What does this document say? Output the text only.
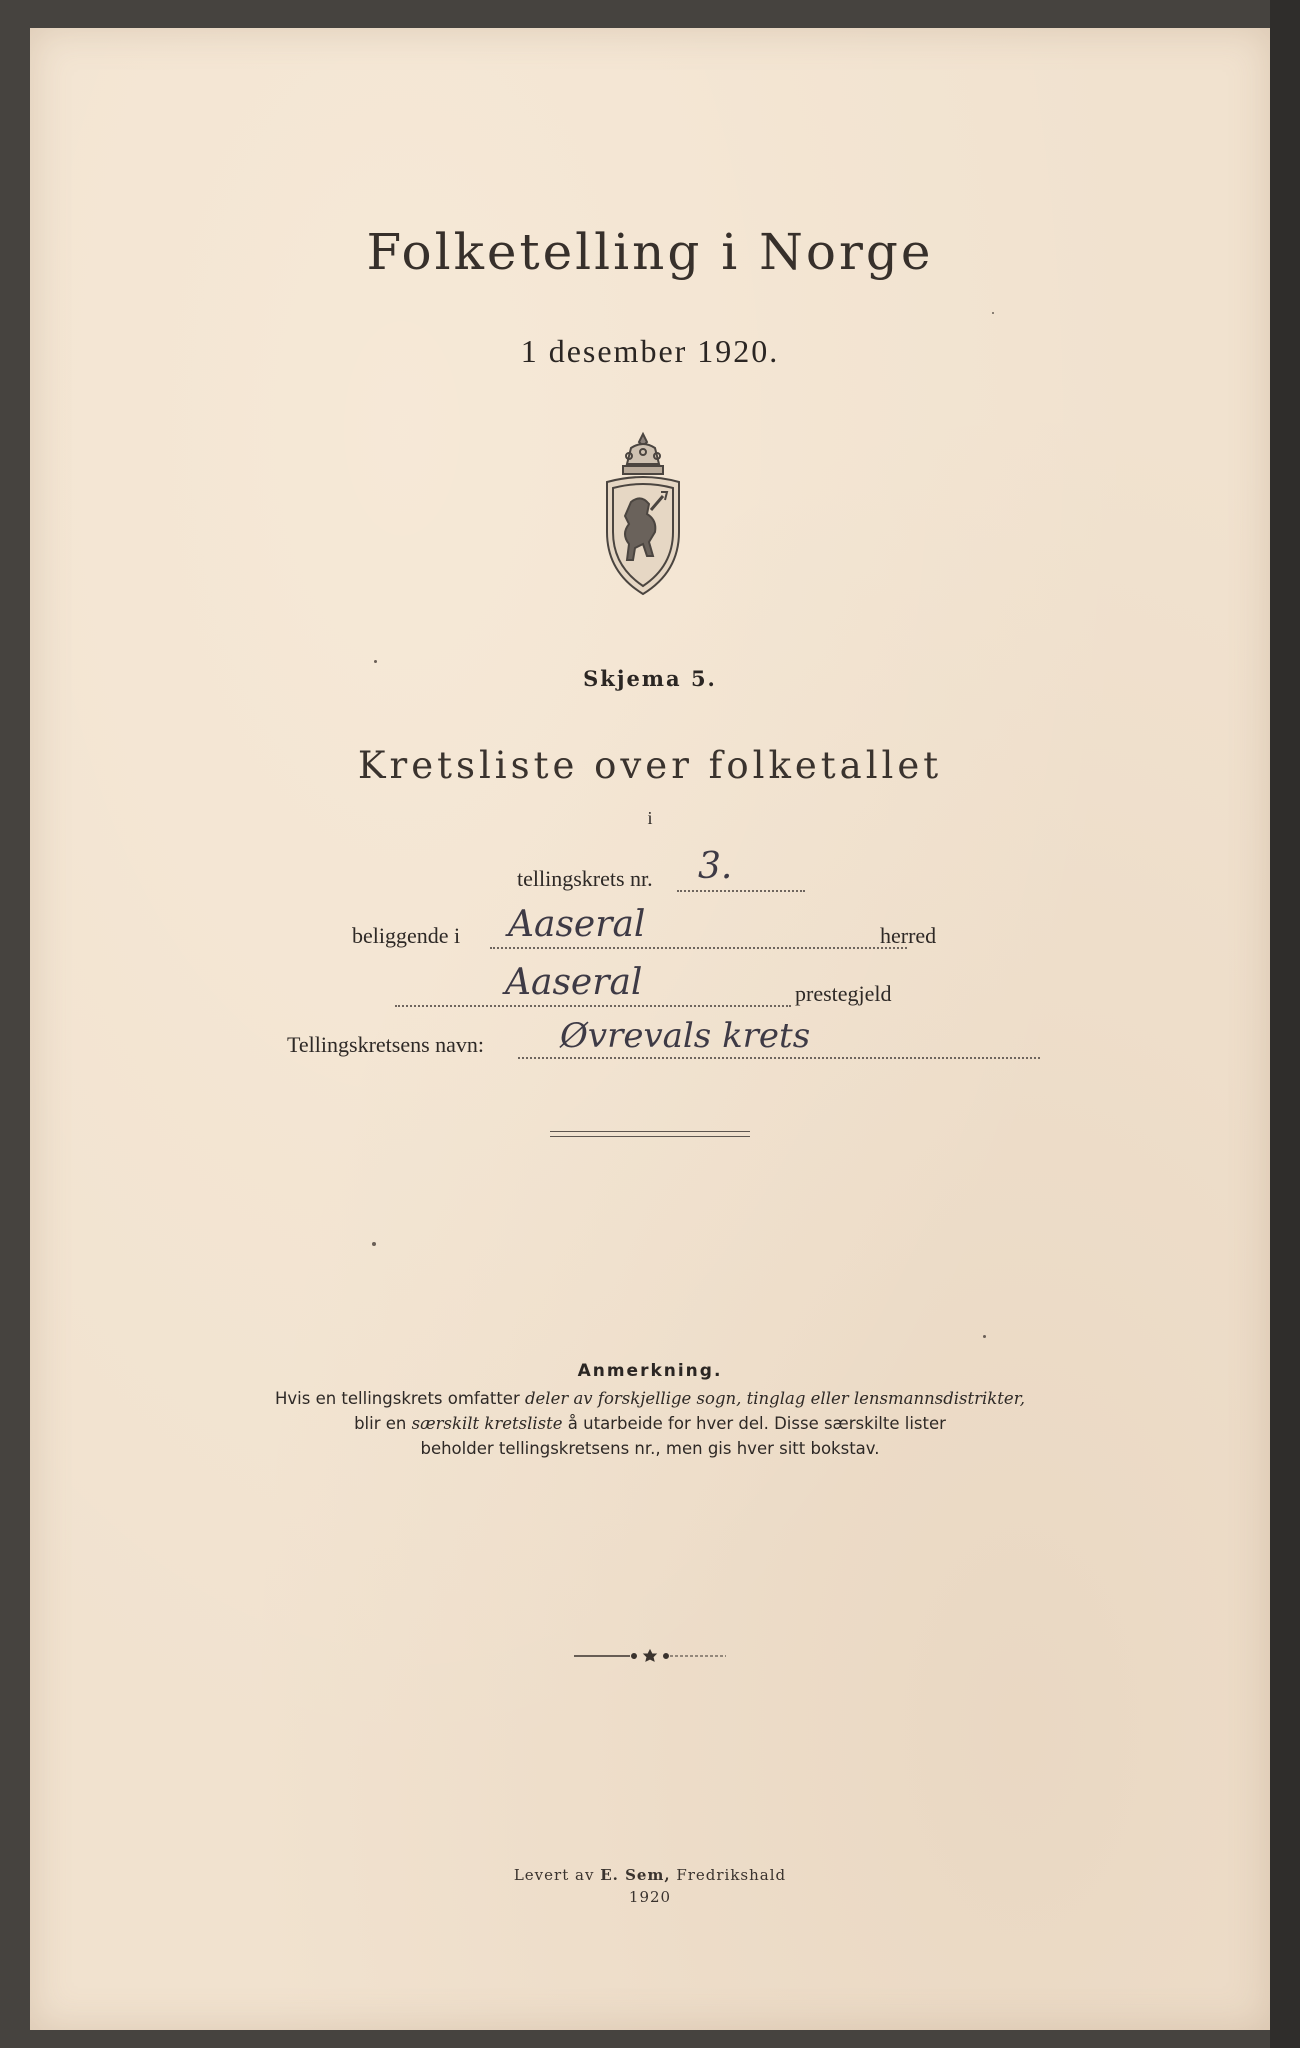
Folketelling i Norge
1 desember 1920.
Skjema 5.
Kretsliste over folketallet
i
tellingskrets nr. 3.
beliggende i Aaseral	herred
Aaseral	prestegjeld
Tellingskretsens navn: Øvrevals krets
Anmerkning.
Hvis en tellingskrets omfatter deler av forskjellige sogn, tinglag eller lensmannsdistrikter,
blir en særskilt kretsliste å utarbeide for hver del. Disse særskilte lister
beholder tellingskretsens nr., men gis hver sitt bokstav.
Levert av E. Sem, Fredrikshald
1920
